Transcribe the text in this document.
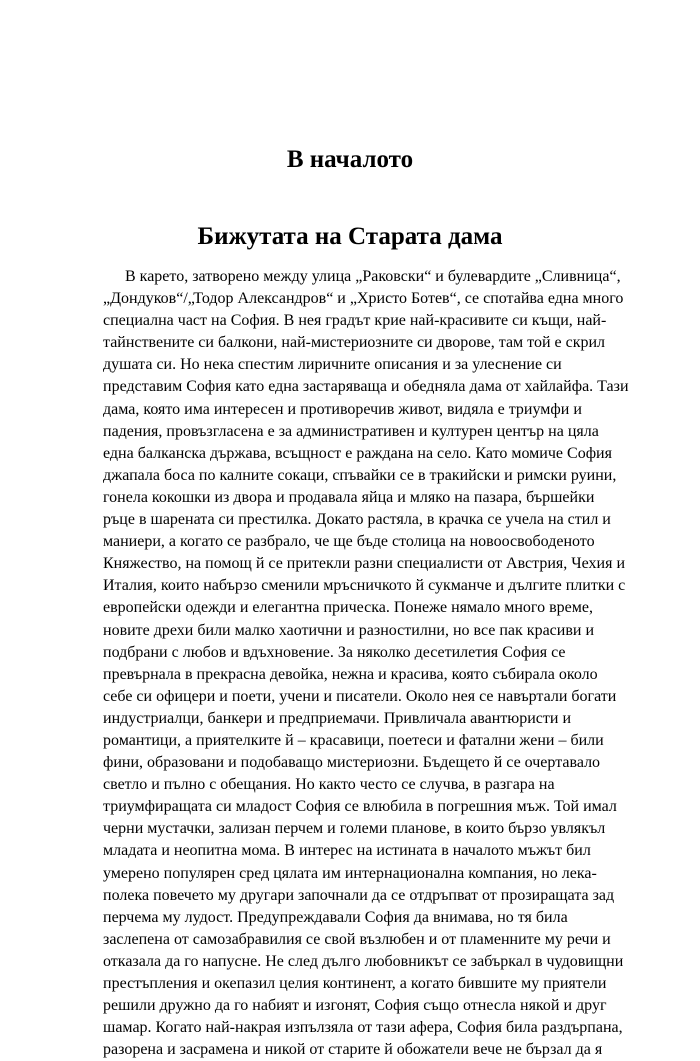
В началото
Бижутата на Старата дама
В карето, затворено между улица „Раковски“ и булевардите „Сливница“,
„Дондуков“/„Тодор Александров“ и „Христо Ботев“, се спотайва една много
специална част на София. В нея градът крие най-красивите си къщи, най-
тайнствените си балкони, най-мистериозните си дворове, там той е скрил
душата си. Но нека спестим лиричните описания и за улеснение си
представим София като една застаряваща и обедняла дама от хайлайфа. Тази
дама, която има интересен и противоречив живот, видяла е триумфи и
падения, провъзгласена е за административен и културен център на цяла
една балканска държава, всъщност е раждана на село. Като момиче София
джапала боса по калните сокаци, спъвайки се в тракийски и римски руини,
гонела кокошки из двора и продавала яйца и мляко на пазара, бършейки
ръце в шарената си престилка. Докато растяла, в крачка се учела на стил и
маниери, а когато се разбрало, че ще бъде столица на новоосвободеното
Княжество, на помощ й се притекли разни специалисти от Австрия, Чехия и
Италия, които набързо сменили мръсничкото й сукманче и дългите плитки с
европейски одежди и елегантна прическа. Понеже нямало много време,
новите дрехи били малко хаотични и разностилни, но все пак красиви и
подбрани с любов и вдъхновение. За няколко десетилетия София се
превърнала в прекрасна девойка, нежна и красива, която събирала около
себе си офицери и поети, учени и писатели. Около нея се навъртали богати
индустриалци, банкери и предприемачи. Привличала авантюристи и
романтици, а приятелките й – красавици, поетеси и фатални жени – били
фини, образовани и подобаващо мистериозни. Бъдещето й се очертавало
светло и пълно с обещания. Но както често се случва, в разгара на
триумфиращата си младост София се влюбила в погрешния мъж. Той имал
черни мустачки, зализан перчем и големи планове, в които бързо увлякъл
младата и неопитна мома. В интерес на истината в началото мъжът бил
умерено популярен сред цялата им интернационална компания, но лека-
полека повечето му другари започнали да се отдръпват от прозиращата зад
перчема му лудост. Предупреждавали София да внимава, но тя била
заслепена от самозабравилия се свой възлюбен и от пламенните му речи и
отказала да го напусне. Не след дълго любовникът се забъркал в чудовищни
престъпления и окепазил целия континент, а когато бившите му приятели
решили дружно да го набият и изгонят, София също отнесла някой и друг
шамар. Когато най-накрая изпълзяла от тази афера, София била раздърпана,
разорена и засрамена и никой от старите й обожатели вече не бързал да я
